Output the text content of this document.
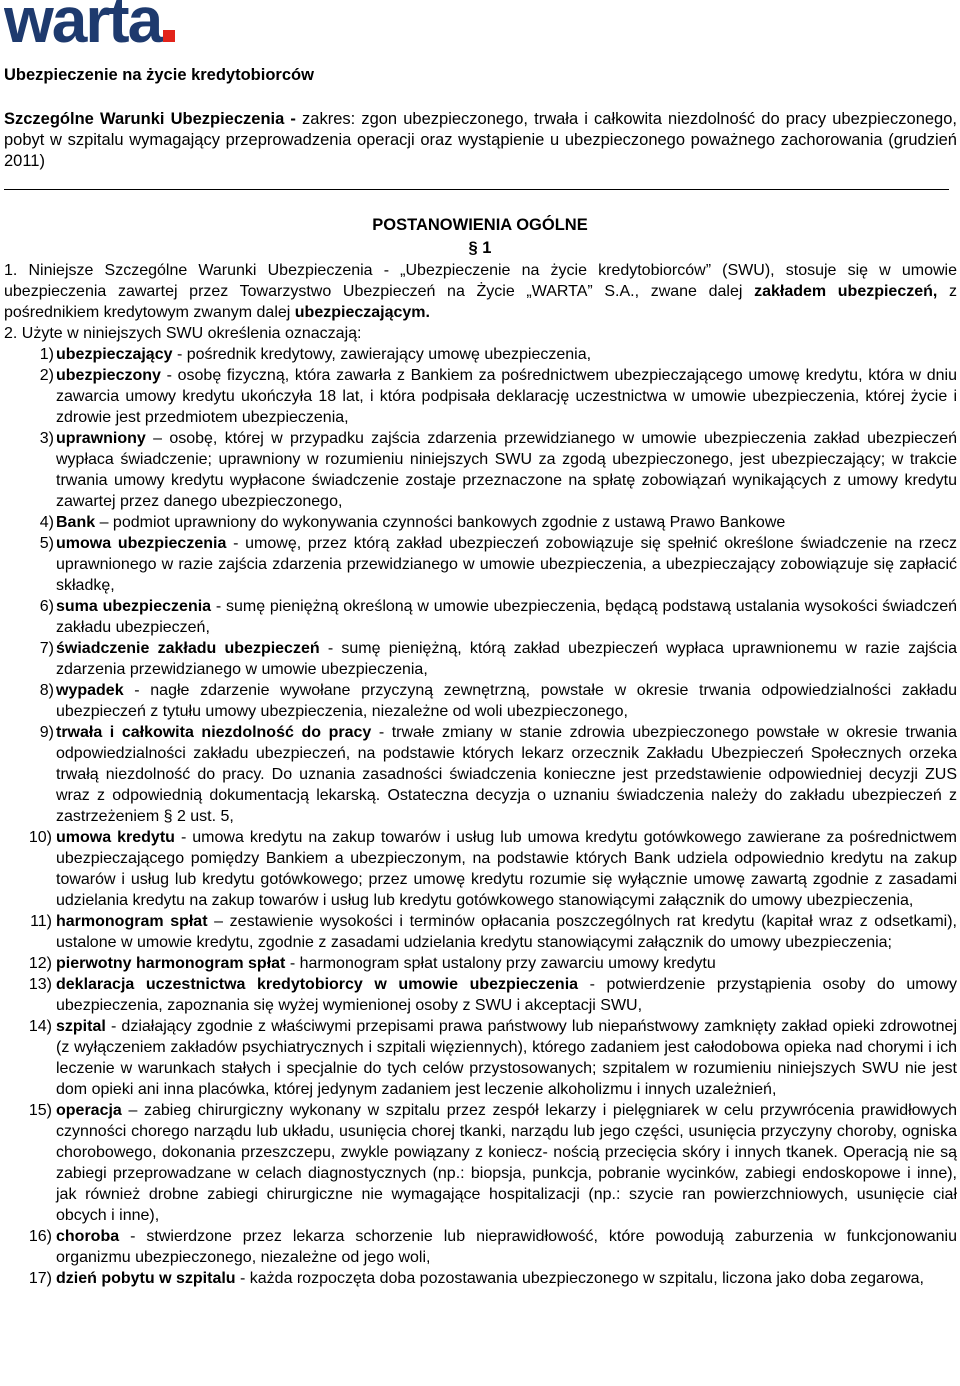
warta
Ubezpieczenie na życie kredytobiorców

Szczególne Warunki Ubezpieczenia - zakres: zgon ubezpieczonego, trwała i całkowita niezdolność do pracy ubezpieczonego, pobyt w szpitalu wymagający przeprowadzenia operacji oraz wystąpienie u ubezpieczonego poważnego zachorowania (grudzień 2011)

POSTANOWIENIA OGÓLNE
§ 1

1. Niniejsze Szczególne Warunki Ubezpieczenia - „Ubezpieczenie na życie kredytobiorców” (SWU), stosuje się w umowie ubezpieczenia zawartej przez Towarzystwo Ubezpieczeń na Życie „WARTA” S.A., zwane dalej zakładem ubezpieczeń, z pośrednikiem kredytowym zwanym dalej ubezpieczającym.

2. Użyte w niniejszych SWU określenia oznaczają:

1) ubezpieczający - pośrednik kredytowy, zawierający umowę ubezpieczenia,
2) ubezpieczony - osobę fizyczną, która zawarła z Bankiem za pośrednictwem ubezpieczającego umowę kredytu, która w dniu zawarcia umowy kredytu ukończyła 18 lat, i która podpisała deklarację uczestnictwa w umowie ubezpieczenia, której życie i zdrowie jest przedmiotem ubezpieczenia,
3) uprawniony – osobę, której w przypadku zajścia zdarzenia przewidzianego w umowie ubezpieczenia zakład ubezpieczeń wypłaca świadczenie; uprawniony w rozumieniu niniejszych SWU za zgodą ubezpieczonego, jest ubezpieczający; w trakcie trwania umowy kredytu wypłacone świadczenie zostaje przeznaczone na spłatę zobowiązań wynikających z umowy kredytu zawartej przez danego ubezpieczonego,
4) Bank – podmiot uprawniony do wykonywania czynności bankowych zgodnie z ustawą Prawo Bankowe
5) umowa ubezpieczenia - umowę, przez którą zakład ubezpieczeń zobowiązuje się spełnić określone świadczenie na rzecz uprawnionego w razie zajścia zdarzenia przewidzianego w umowie ubezpieczenia, a ubezpieczający zobowiązuje się zapłacić składkę,
6) suma ubezpieczenia - sumę pieniężną określoną w umowie ubezpieczenia, będącą podstawą ustalania wysokości świadczeń zakładu ubezpieczeń,
7) świadczenie zakładu ubezpieczeń - sumę pieniężną, którą zakład ubezpieczeń wypłaca uprawnionemu w razie zajścia zdarzenia przewidzianego w umowie ubezpieczenia,
8) wypadek - nagłe zdarzenie wywołane przyczyną zewnętrzną, powstałe w okresie trwania odpowiedzialności zakładu ubezpieczeń z tytułu umowy ubezpieczenia, niezależne od woli ubezpieczonego,
9) trwała i całkowita niezdolność do pracy - trwałe zmiany w stanie zdrowia ubezpieczonego powstałe w okresie trwania odpowiedzialności zakładu ubezpieczeń, na podstawie których lekarz orzecznik Zakładu Ubezpieczeń Społecznych orzeka trwałą niezdolność do pracy. Do uznania zasadności świadczenia konieczne jest przedstawienie odpowiedniej decyzji ZUS wraz z odpowiednią dokumentacją lekarską. Ostateczna decyzja o uznaniu świadczenia należy do zakładu ubezpieczeń z zastrzeżeniem § 2 ust. 5,
10) umowa kredytu - umowa kredytu na zakup towarów i usług lub umowa kredytu gotówkowego zawierane za pośrednictwem ubezpieczającego pomiędzy Bankiem a ubezpieczonym, na podstawie których Bank udziela odpowiednio kredytu na zakup towarów i usług lub kredytu gotówkowego; przez umowę kredytu rozumie się wyłącznie umowę zawartą zgodnie z zasadami udzielania kredytu na zakup towarów i usług lub kredytu gotówkowego stanowiącymi załącznik do umowy ubezpieczenia,
11) harmonogram spłat – zestawienie wysokości i terminów opłacania poszczególnych rat kredytu (kapitał wraz z odsetkami), ustalone w umowie kredytu, zgodnie z zasadami udzielania kredytu stanowiącymi załącznik do umowy ubezpieczenia;
12) pierwotny harmonogram spłat - harmonogram spłat ustalony przy zawarciu umowy kredytu
13) deklaracja uczestnictwa kredytobiorcy w umowie ubezpieczenia - potwierdzenie przystąpienia osoby do umowy ubezpieczenia, zapoznania się wyżej wymienionej osoby z SWU i akceptacji SWU,
14) szpital - działający zgodnie z właściwymi przepisami prawa państwowy lub niepaństwowy zamknięty zakład opieki zdrowotnej (z wyłączeniem zakładów psychiatrycznych i szpitali więziennych), którego zadaniem jest całodobowa opieka nad chorymi i ich leczenie w warunkach stałych i specjalnie do tych celów przystosowanych; szpitalem w rozumieniu niniejszych SWU nie jest dom opieki ani inna placówka, której jedynym zadaniem jest leczenie alkoholizmu i innych uzależnień,
15) operacja – zabieg chirurgiczny wykonany w szpitalu przez zespół lekarzy i pielęgniarek w celu przywrócenia prawidłowych czynności chorego narządu lub układu, usunięcia chorej tkanki, narządu lub jego części, usunięcia przyczyny choroby, ogniska chorobowego, dokonania przeszczepu, zwykle powiązany z koniecz- nością przecięcia skóry i innych tkanek. Operacją nie są zabiegi przeprowadzane w celach diagnostycznych (np.: biopsja, punkcja, pobranie wycinków, zabiegi endoskopowe i inne), jak również drobne zabiegi chirurgiczne nie wymagające hospitalizacji (np.: szycie ran powierzchniowych, usunięcie ciał obcych i inne),
16) choroba - stwierdzone przez lekarza schorzenie lub nieprawidłowość, które powodują zaburzenia w funkcjonowaniu organizmu ubezpieczonego, niezależne od jego woli,
17) dzień pobytu w szpitalu - każda rozpoczęta doba pozostawania ubezpieczonego w szpitalu, liczona jako doba zegarowa,
